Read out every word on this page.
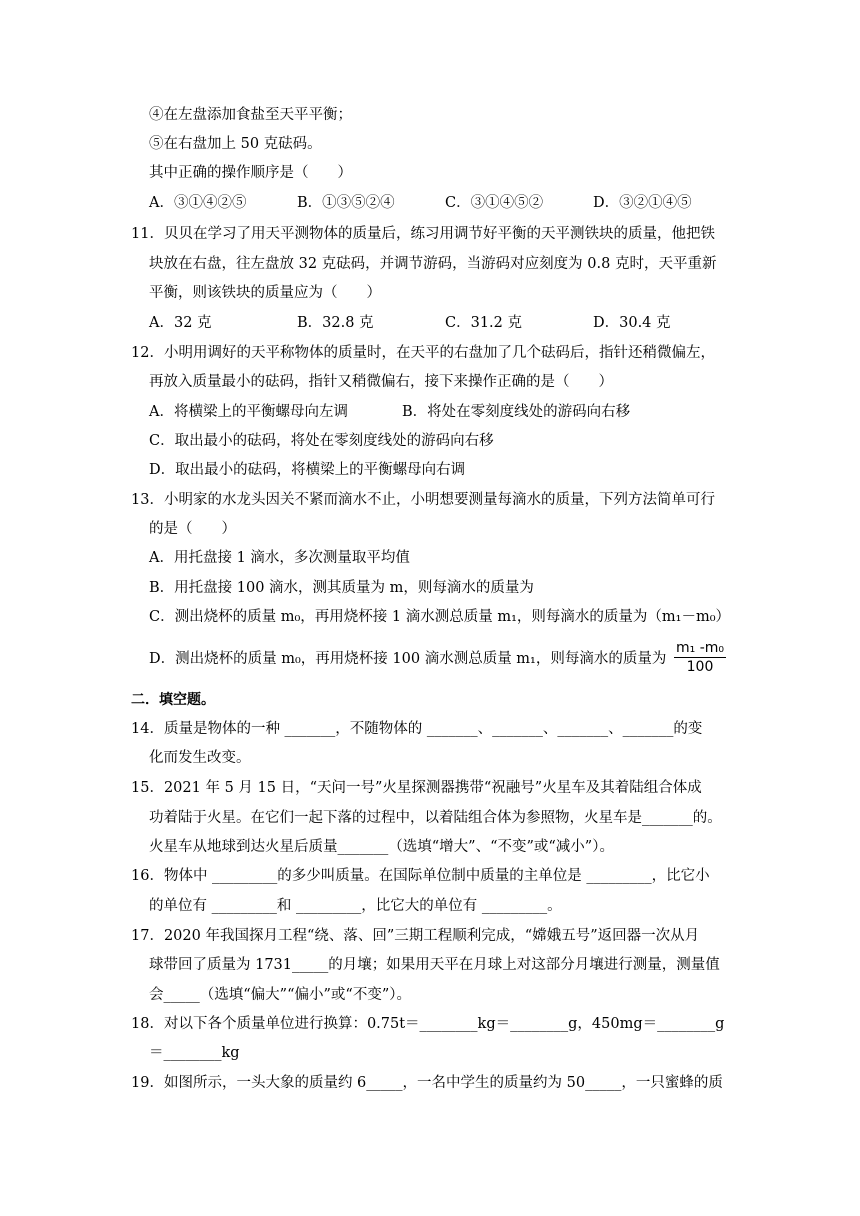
④在左盘添加食盐至天平平衡；
⑤在右盘加上 50 克砝码。
其中正确的操作顺序是（　　）
A．③①④②⑤	B．①③⑤②④	C．③①④⑤②	D．③②①④⑤
11．贝贝在学习了用天平测物体的质量后，练习用调节好平衡的天平测铁块的质量，他把铁
块放在右盘，往左盘放 32 克砝码，并调节游码，当游码对应刻度为 0.8 克时，天平重新
平衡，则该铁块的质量应为（　　）
A．32 克	B．32.8 克	C．31.2 克	D．30.4 克
12．小明用调好的天平称物体的质量时，在天平的右盘加了几个砝码后，指针还稍微偏左，
再放入质量最小的砝码，指针又稍微偏右，接下来操作正确的是（　　）
A．将横梁上的平衡螺母向左调	B．将处在零刻度线处的游码向右移
C．取出最小的砝码，将处在零刻度线处的游码向右移
D．取出最小的砝码，将横梁上的平衡螺母向右调
13．小明家的水龙头因关不紧而滴水不止，小明想要测量每滴水的质量，下列方法简单可行
的是（　　）
A．用托盘接 1 滴水，多次测量取平均值
B．用托盘接 100 滴水，测其质量为 m，则每滴水的质量为
C．测出烧杯的质量 m₀，再用烧杯接 1 滴水测总质量 m₁，则每滴水的质量为（m₁－m₀）
D．测出烧杯的质量 m₀，再用烧杯接 100 滴水测总质量 m₁，则每滴水的质量为
m₁ -m₀
100
二．填空题。
14．质量是物体的一种 _______，不随物体的 _______、_______、_______、_______的变
化而发生改变。
15．2021 年 5 月 15 日，“天问一号”火星探测器携带“祝融号”火星车及其着陆组合体成
功着陆于火星。在它们一起下落的过程中，以着陆组合体为参照物，火星车是_______的。
火星车从地球到达火星后质量_______（选填“增大”、“不变”或“减小”）。
16．物体中 _________的多少叫质量。在国际单位制中质量的主单位是 _________，比它小
的单位有 _________和 _________，比它大的单位有 _________。
17．2020 年我国探月工程“绕、落、回”三期工程顺利完成，“嫦娥五号”返回器一次从月
球带回了质量为 1731_____的月壤；如果用天平在月球上对这部分月壤进行测量，测量值
会_____（选填“偏大”“偏小”或“不变”）。
18．对以下各个质量单位进行换算：0.75t＝________kg＝________g，450mg＝________g
＝________kg
19．如图所示，一头大象的质量约 6_____，一名中学生的质量约为 50_____，一只蜜蜂的质
